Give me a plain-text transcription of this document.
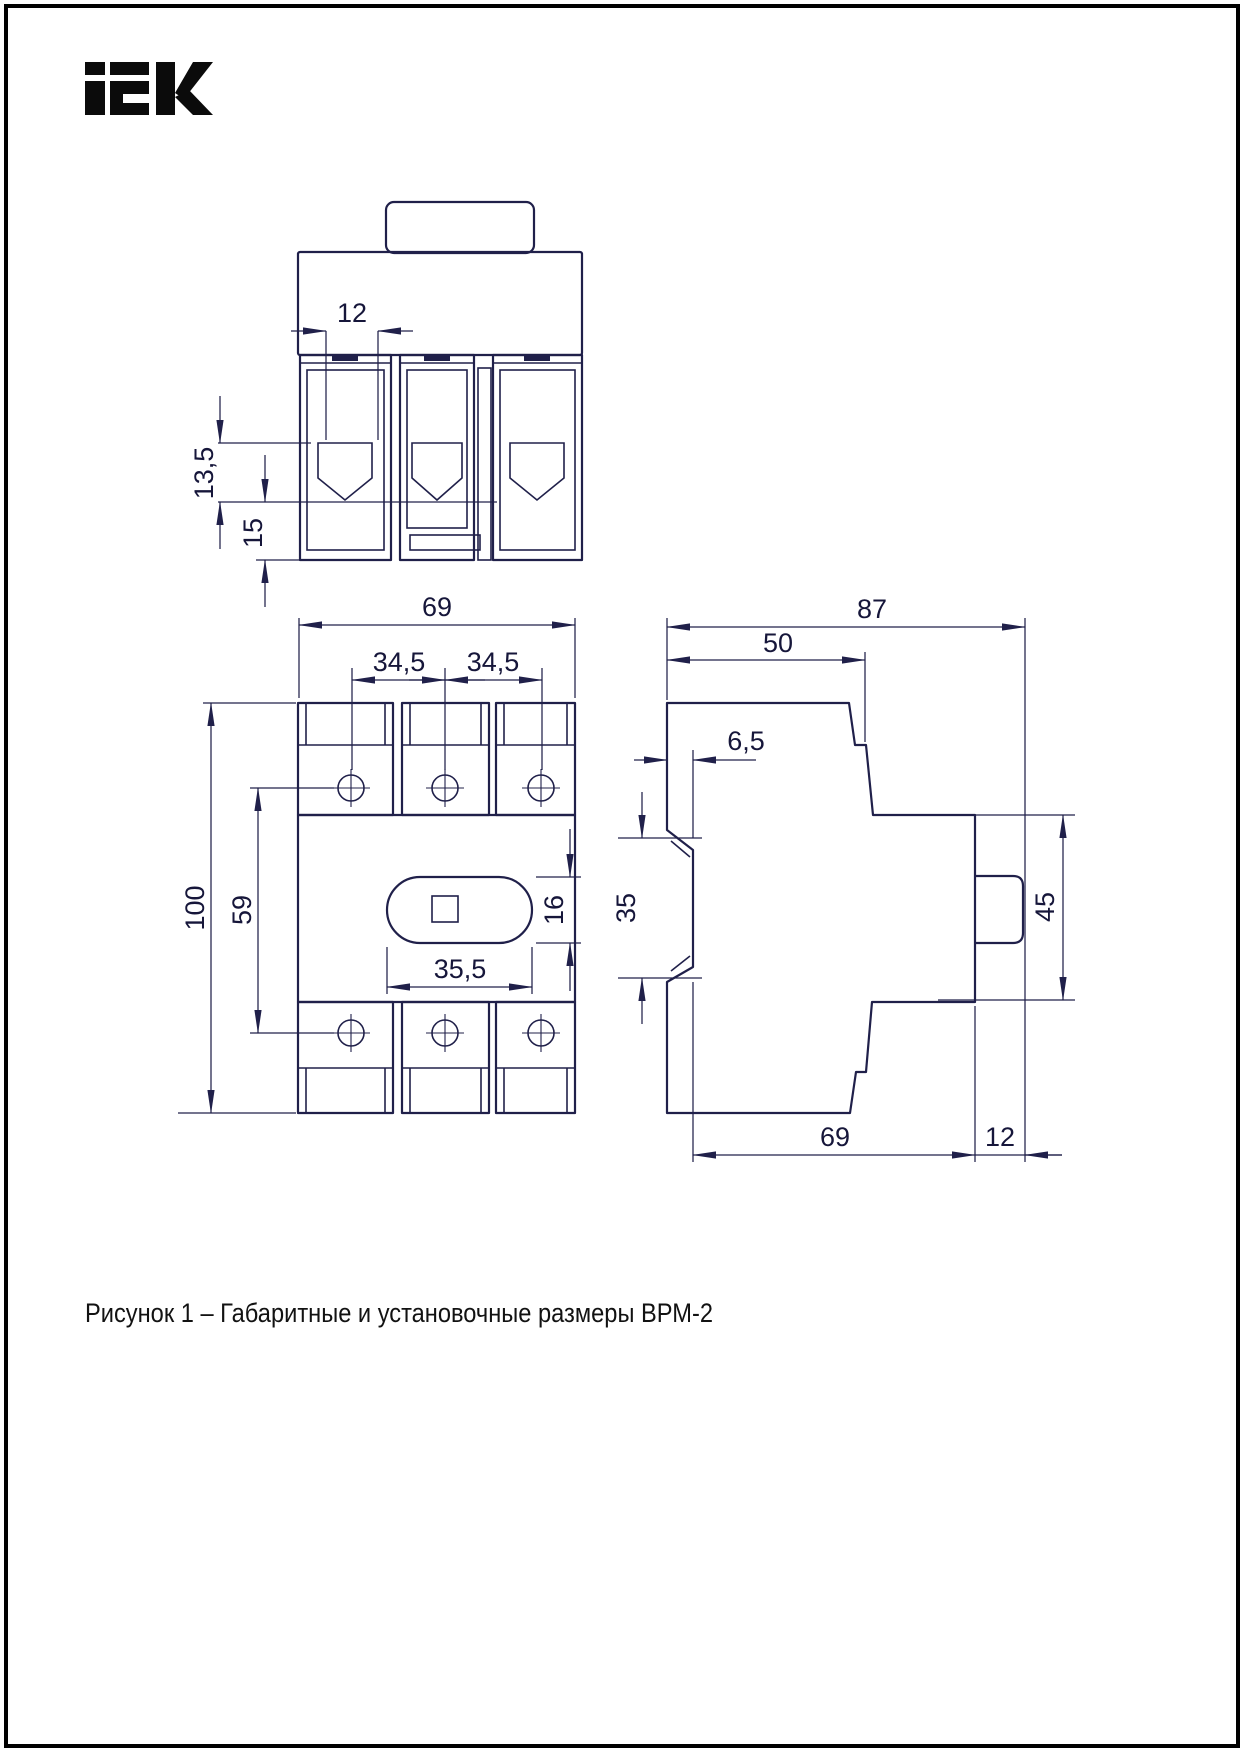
12
13,5
15
69
34,5 34,5
100 59	16
35,5
87
50
6,5
35	45
69	12
Рисунок 1 – Габаритные и установочные размеры ВРМ-2
